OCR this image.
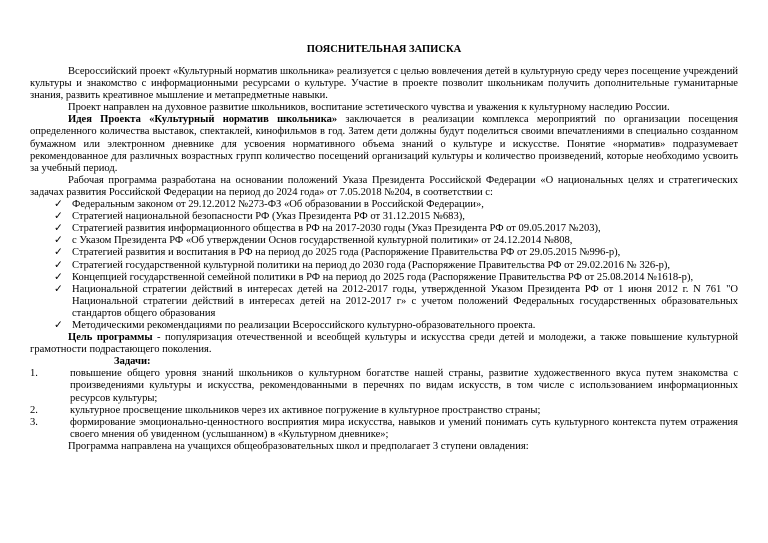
ПОЯСНИТЕЛЬНАЯ ЗАПИСКА

Всероссийский проект «Культурный норматив школьника» реализуется с целью вовлечения детей в культурную среду через посещение учреждений культуры и знакомство с информационными ресурсами о культуре. Участие в проекте позволит школьникам получить дополнительные гуманитарные знания, развить креативное мышление и метапредметные навыки.

Проект направлен на духовное развитие школьников, воспитание эстетического чувства и уважения к культурному наследию России.

Идея Проекта «Культурный норматив школьника» заключается в реализации комплекса мероприятий по организации посещения определенного количества выставок, спектаклей, кинофильмов в год. Затем дети должны будут поделиться своими впечатлениями в специально созданном бумажном или электронном дневнике для усвоения нормативного объема знаний о культуре и искусстве. Понятие «норматив» подразумевает рекомендованное для различных возрастных групп количество посещений организаций культуры и количество произведений, которые необходимо усвоить за учебный период.

Рабочая программа разработана на основании положений Указа Президента Российской Федерации «О национальных целях и стратегических задачах развития Российской Федерации на период до 2024 года» от 7.05.2018 №204, в соответствии с:

✓ Федеральным законом от 29.12.2012 №273-ФЗ «Об образовании в Российской Федерации»,
✓ Стратегией национальной безопасности РФ (Указ Президента РФ от 31.12.2015 №683),
✓ Стратегией развития информационного общества в РФ на 2017-2030 годы (Указ Президента РФ от 09.05.2017 №203),
✓ с Указом Президента РФ «Об утверждении Основ государственной культурной политики» от 24.12.2014 №808,
✓ Стратегией развития и воспитания в РФ на период до 2025 года (Распоряжение Правительства РФ от 29.05.2015 №996-р),
✓ Стратегией государственной культурной политики на период до 2030 года (Распоряжение Правительства РФ от 29.02.2016 № 326-р),
✓ Концепцией государственной семейной политики в РФ на период до 2025 года (Распоряжение Правительства РФ от 25.08.2014 №1618-р),
✓ Национальной стратегии действий в интересах детей на 2012-2017 годы, утвержденной Указом Президента РФ от 1 июня 2012 г. N 761 "О Национальной стратегии действий в интересах детей на 2012-2017 г» с учетом положений Федеральных государственных образовательных стандартов общего образования
✓ Методическими рекомендациями по реализации Всероссийского культурно-образовательного проекта.

Цель программы - популяризация отечественной и всеобщей культуры и искусства среди детей и молодежи, а также повышение культурной грамотности подрастающего поколения.

Задачи:
1.	повышение общего уровня знаний школьников о культурном богатстве нашей страны, развитие художественного вкуса путем знакомства с произведениями культуры и искусства, рекомендованными в перечнях по видам искусств, в том числе с использованием информационных ресурсов культуры;
2.	культурное просвещение школьников через их активное погружение в культурное пространство страны;
3.	формирование эмоционально-ценностного восприятия мира искусства, навыков и умений понимать суть культурного контекста путем отражения своего мнения об увиденном (услышанном) в «Культурном дневнике»;

Программа направлена на учащихся общеобразовательных школ и предполагает 3 ступени овладения:
